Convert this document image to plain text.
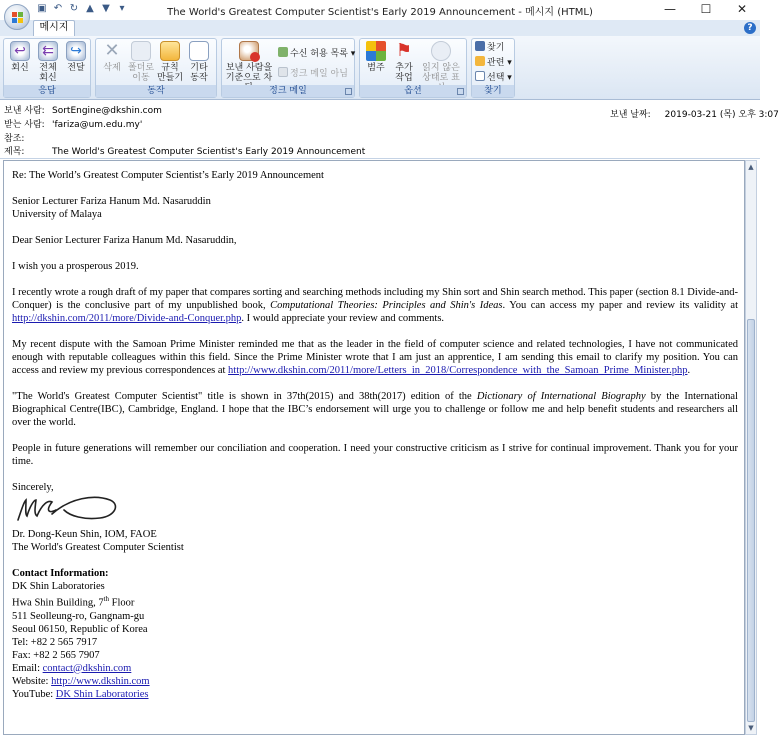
▣ ↶ ↻ ▲ ▼ ▾	The World's Greatest Computer Scientist's Early 2019 Announcement - 메시지 (HTML)	—	☐	✕
메시지	?
↩
회신
⇇
전체
회신
↪
전달
응답
✕
삭제 폴더로
이동
규칙
만들기
기타
동작
동작
보낸 사람을
기준으로 차
수신 허용 목록 ▾
정크 메일 아님
정크 메일
범주
⚑
추가
작업
읽지 않은
상태로 표
옵션
찾기
관련 ▾
선택 ▾
찾기
보낸 사람: SortEngine@dkshin.com
받는 사람: 'fariza@um.edu.my'
참조:
제목:	The World's Greatest Computer Scientist's Early 2019 Announcement
보낸 날짜: 2019-03-21 (목) 오후 3:07

Re: The World’s Greatest Computer Scientist’s Early 2019 Announcement

Senior Lecturer Fariza Hanum Md. Nasaruddin
University of Malaya

Dear Senior Lecturer Fariza Hanum Md. Nasaruddin,

I wish you a prosperous 2019.

I recently wrote a rough draft of my paper that compares sorting and searching methods including my Shin sort and Shin search method. This paper (section 8.1 Divide-and-Conquer) is the conclusive part of my unpublished book, Computational Theories: Principles and Shin's Ideas. You can access my paper and review its validity at http://dkshin.com/2011/more/Divide-and-Conquer.php. I would appreciate your review and comments.

My recent dispute with the Samoan Prime Minister reminded me that as the leader in the field of computer science and related technologies, I have not communicated enough with reputable colleagues within this field. Since the Prime Minister wrote that I am just an apprentice, I am sending this email to clarify my position. You can access and review my previous correspondences at http://www.dkshin.com/2011/more/Letters_in_2018/Correspondence_with_the_Samoan_Prime_Minister.php.

"The World's Greatest Computer Scientist" title is shown in 37th(2015) and 38th(2017) edition of the Dictionary of International Biography by the International Biographical Centre(IBC), Cambridge, England. I hope that the IBC’s endorsement will urge you to challenge or follow me and help benefit students and researchers all over the world.

People in future generations will remember our conciliation and cooperation. I need your constructive criticism as I strive for continual improvement. Thank you for your time.

Sincerely,

Dr. Dong-Keun Shin, IOM, FAOE
The World's Greatest Computer Scientist

Contact Information:
DK Shin Laboratories
Hwa Shin Building, 7th Floor
511 Seolleung-ro, Gangnam-gu
Seoul 06150, Republic of Korea
Tel: +82 2 565 7917
Fax: +82 2 565 7907
Email: contact@dkshin.com
Website: http://www.dkshin.com
YouTube: DK Shin Laboratories

▲
▼
